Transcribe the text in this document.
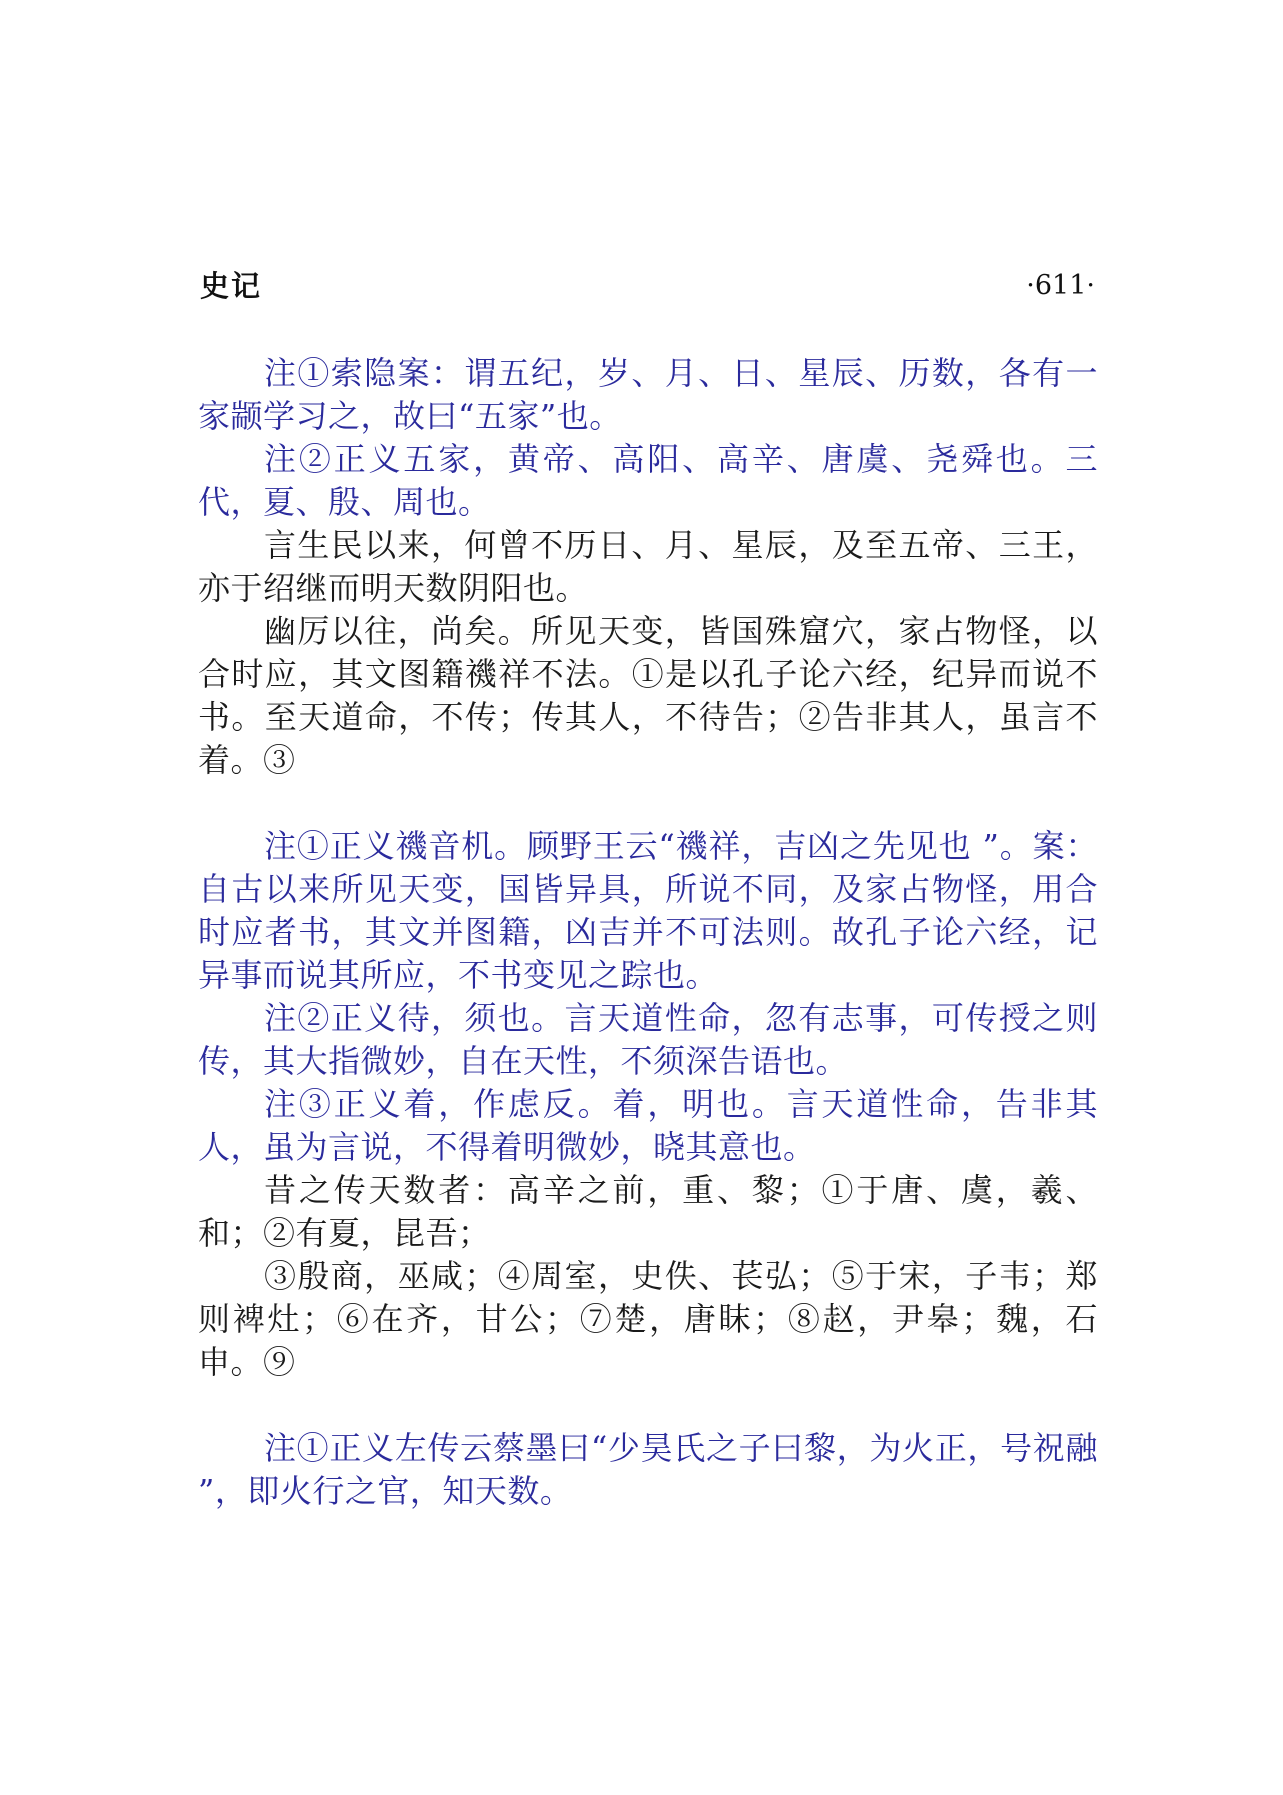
史记	·611·

注①索隐案：谓五纪，岁、月、日、星辰、历数，各有一家颛学习之，故曰“五家”也。

注②正义五家，黄帝、高阳、高辛、唐虞、尧舜也。三代，夏、殷、周也。

言生民以来，何曾不历日、月、星辰，及至五帝、三王，亦于绍继而明天数阴阳也。

幽厉以往，尚矣。所见天变，皆国殊窟穴，家占物怪，以合时应，其文图籍禨祥不法。①是以孔子论六经，纪异而说不书。至天道命，不传；传其人，不待告；②告非其人，虽言不着。③

注①正义禨音机。顾野王云“禨祥，吉凶之先见也 ”。案：自古以来所见天变，国皆异具，所说不同，及家占物怪，用合时应者书，其文并图籍，凶吉并不可法则。故孔子论六经，记异事而说其所应，不书变见之踪也。

注②正义待，须也。言天道性命，忽有志事，可传授之则传，其大指微妙，自在天性，不须深告语也。

注③正义着，作虑反。着，明也。言天道性命，告非其人，虽为言说，不得着明微妙，晓其意也。

昔之传天数者：高辛之前，重、黎；①于唐、虞，羲、和；②有夏，昆吾；

③殷商，巫咸；④周室，史佚、苌弘；⑤于宋，子韦；郑则裨灶；⑥在齐，甘公；⑦楚，唐眜；⑧赵，尹皋；魏，石申。⑨

注①正义左传云蔡墨曰“少昊氏之子曰黎，为火正，号祝融 ”，即火行之官，知天数。
